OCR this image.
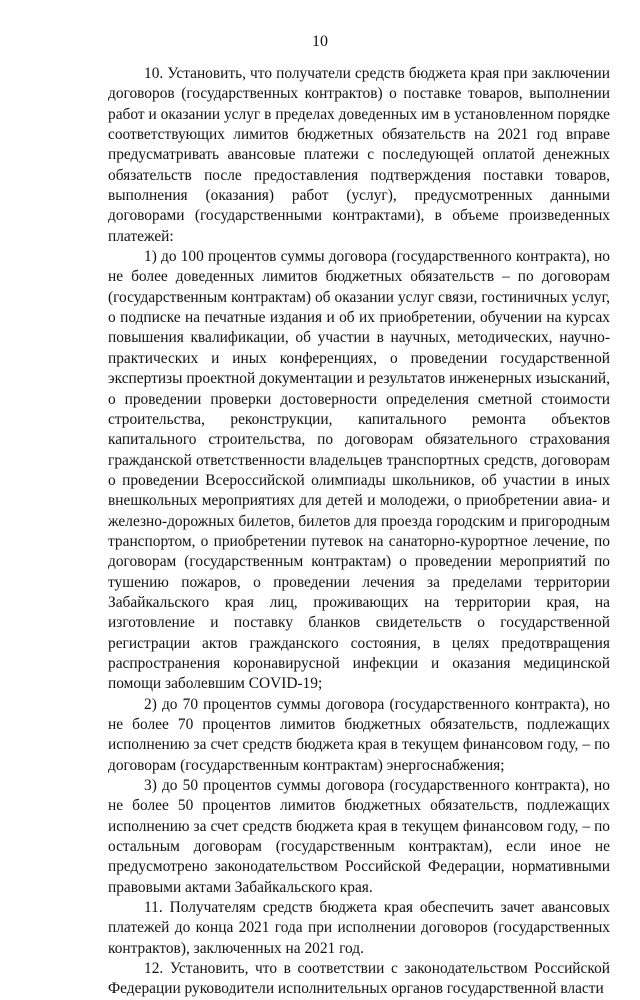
10

10. Установить, что получатели средств бюджета края при заключении договоров (государственных контрактов) о поставке товаров, выполнении работ и оказании услуг в пределах доведенных им в установленном порядке соответствующих лимитов бюджетных обязательств на 2021 год вправе предусматривать авансовые платежи с последующей оплатой денежных обязательств после предоставления подтверждения поставки товаров, выполнения (оказания) работ (услуг), предусмотренных данными договорами (государственными контрактами), в объеме произведенных платежей:

1) до 100 процентов суммы договора (государственного контракта), но не более доведенных лимитов бюджетных обязательств – по договорам (государственным контрактам) об оказании услуг связи, гостиничных услуг, о подписке на печатные издания и об их приобретении, обучении на курсах повышения квалификации, об участии в научных, методических, научно-практических и иных конференциях, о проведении государственной экспертизы проектной документации и результатов инженерных изысканий, о проведении проверки достоверности определения сметной стоимости строительства, реконструкции, капитального ремонта объектов капитального строительства, по договорам обязательного страхования гражданской ответственности владельцев транспортных средств, договорам о проведении Всероссийской олимпиады школьников, об участии в иных внешкольных мероприятиях для детей и молодежи, о приобретении авиа- и железно-дорожных билетов, билетов для проезда городским и пригородным транспортом, о приобретении путевок на санаторно-курортное лечение, по договорам (государственным контрактам) о проведении мероприятий по тушению пожаров, о проведении лечения за пределами территории Забайкальского края лиц, проживающих на территории края, на изготовление и поставку бланков свидетельств о государственной регистрации актов гражданского состояния, в целях предотвращения распространения коронавирусной инфекции и оказания медицинской помощи заболевшим COVID-19;

2) до 70 процентов суммы договора (государственного контракта), но не более 70 процентов лимитов бюджетных обязательств, подлежащих исполнению за счет средств бюджета края в текущем финансовом году, – по договорам (государственным контрактам) энергоснабжения;

3) до 50 процентов суммы договора (государственного контракта), но не более 50 процентов лимитов бюджетных обязательств, подлежащих исполнению за счет средств бюджета края в текущем финансовом году, – по остальным договорам (государственным контрактам), если иное не предусмотрено законодательством Российской Федерации, нормативными правовыми актами Забайкальского края.

11. Получателям средств бюджета края обеспечить зачет авансовых платежей до конца 2021 года при исполнении договоров (государственных контрактов), заключенных на 2021 год.

12. Установить, что в соответствии с законодательством Российской Федерации руководители исполнительных органов государственной власти
